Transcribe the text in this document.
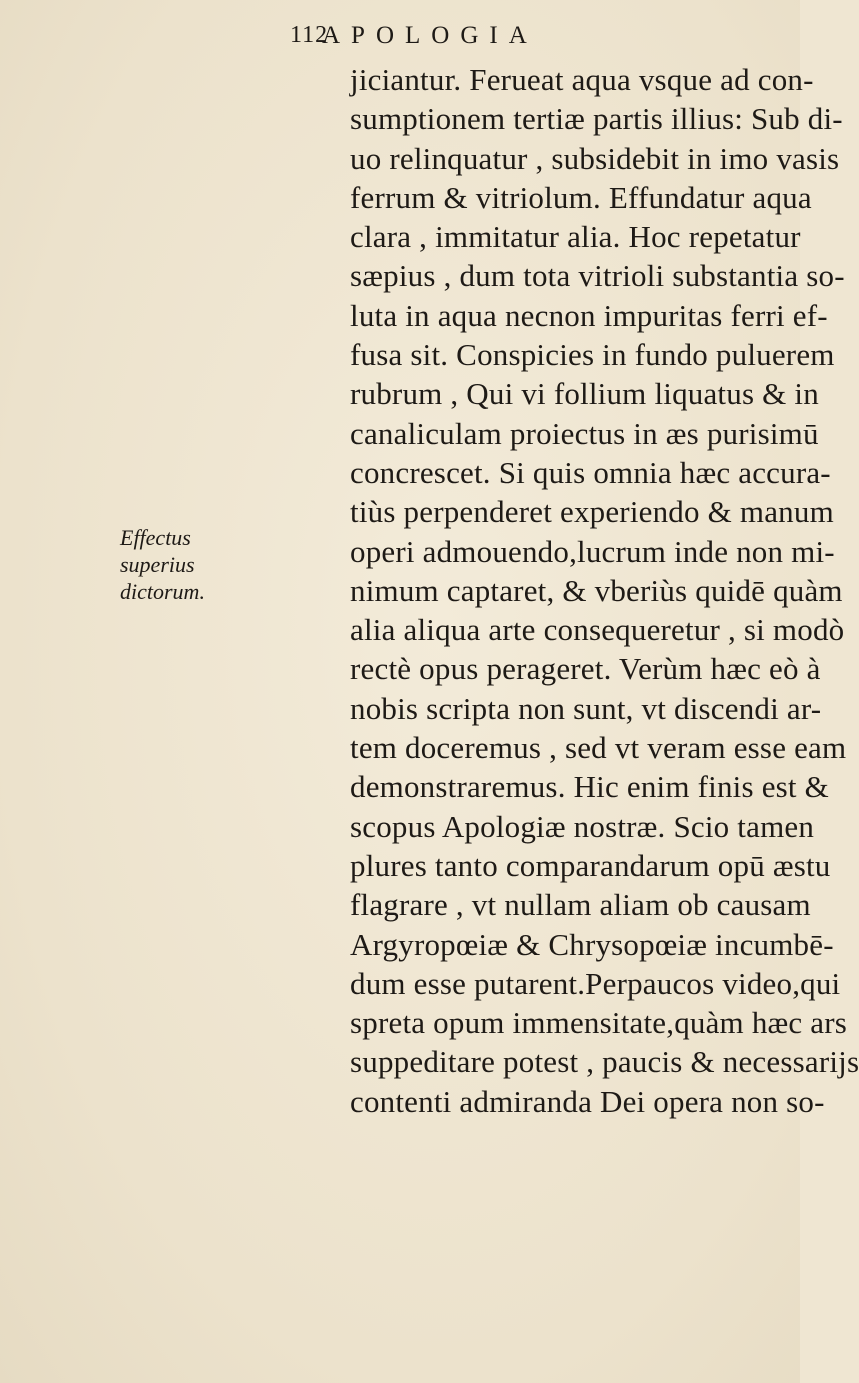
112
APOLOGIA
Effectus
superius
dictorum.
jiciantur. Ferueat aqua vsque ad con-
sumptionem tertiæ partis illius: Sub di-
uo relinquatur , subsidebit in imo vasis
ferrum & vitriolum. Effundatur aqua
clara , immitatur alia. Hoc repetatur
sæpius , dum tota vitrioli substantia so-
luta in aqua necnon impuritas ferri ef-
fusa sit. Conspicies in fundo puluerem
rubrum , Qui vi follium liquatus & in
canaliculam proiectus in æs purisimū
concrescet. Si quis omnia hæc accura-
tiùs perpenderet experiendo & manum
operi admouendo,lucrum inde non mi-
nimum captaret, & vberiùs quidē quàm
alia aliqua arte consequeretur , si modò
rectè opus perageret. Verùm hæc eò à
nobis scripta non sunt, vt discendi ar-
tem doceremus , sed vt veram esse eam
demonstraremus. Hic enim finis est &
scopus Apologiæ nostræ. Scio tamen
plures tanto comparandarum opū æstu
flagrare , vt nullam aliam ob causam
Argyropœiæ & Chrysopœiæ incumbē-
dum esse putarent.Perpaucos video,qui
spreta opum immensitate,quàm hæc ars
suppeditare potest , paucis & necessarijs
contenti admiranda Dei opera non so-
